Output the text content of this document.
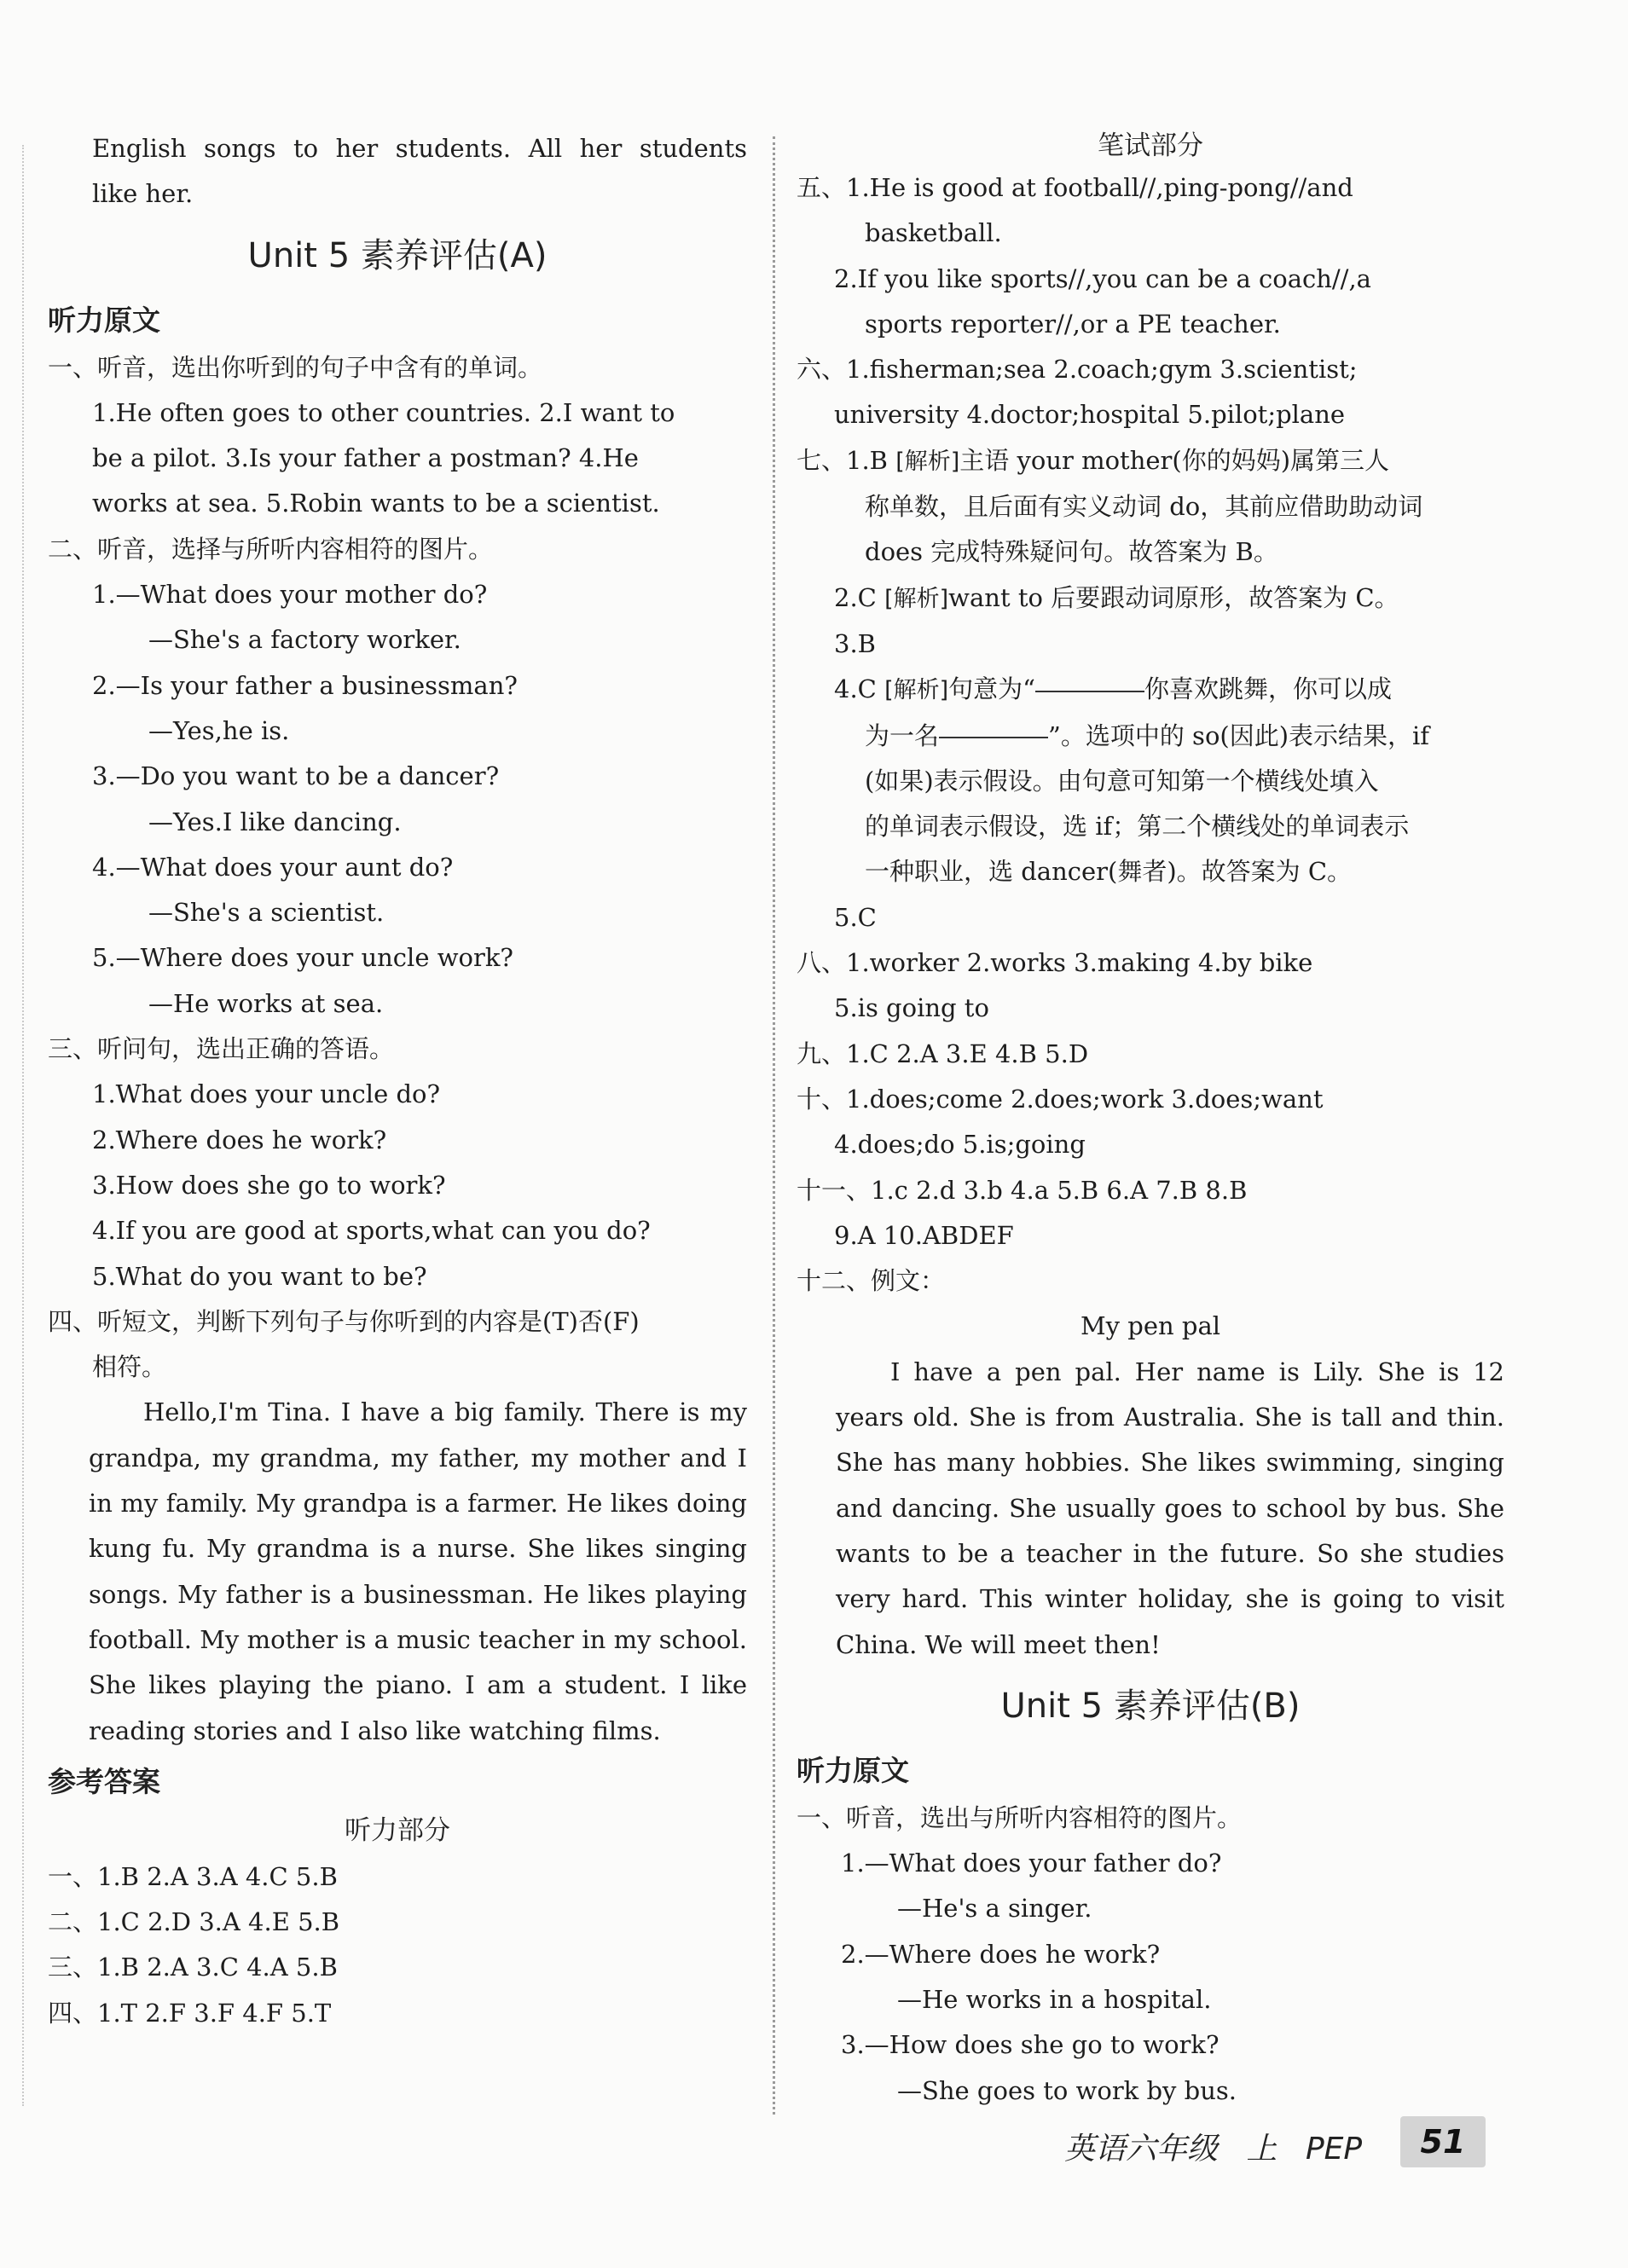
English songs to her students. All her students
like her.
Unit 5 素养评估(A)
听力原文
一、听音，选出你听到的句子中含有的单词。
1.He often goes to other countries. 2.I want to
be a pilot. 3.Is your father a postman? 4.He
works at sea. 5.Robin wants to be a scientist.
二、听音，选择与所听内容相符的图片。
1.—What does your mother do?
—She's a factory worker.
2.—Is your father a businessman?
—Yes,he is.
3.—Do you want to be a dancer?
—Yes.I like dancing.
4.—What does your aunt do?
—She's a scientist.
5.—Where does your uncle work?
—He works at sea.
三、听问句，选出正确的答语。
1.What does your uncle do?
2.Where does he work?
3.How does she go to work?
4.If you are good at sports,what can you do?
5.What do you want to be?
四、听短文，判断下列句子与你听到的内容是(T)否(F)
相符。
Hello,I'm Tina. I have a big family. There is my grandpa, my grandma, my father, my mother and I in my family. My grandpa is a farmer. He likes doing kung fu. My grandma is a nurse. She likes singing songs. My father is a businessman. He likes playing football. My mother is a music teacher in my school. She likes playing the piano. I am a student. I like reading stories and I also like watching films.
参考答案
听力部分
一、1.B 2.A 3.A 4.C 5.B
二、1.C 2.D 3.A 4.E 5.B
三、1.B 2.A 3.C 4.A 5.B
四、1.T 2.F 3.F 4.F 5.T
笔试部分
五、1.He is good at football//,ping-pong//and
basketball.
2.If you like sports//,you can be a coach//,a
sports reporter//,or a PE teacher.
六、1.fisherman;sea 2.coach;gym 3.scientist;
university 4.doctor;hospital 5.pilot;plane
七、1.B [解析]主语 your mother(你的妈妈)属第三人
称单数，且后面有实义动词 do，其前应借助助动词
does 完成特殊疑问句。故答案为 B。
2.C [解析]want to 后要跟动词原形，故答案为 C。
3.B
4.C [解析]句意为“	你喜欢跳舞，你可以成
为一名	”。选项中的 so(因此)表示结果，if
(如果)表示假设。由句意可知第一个横线处填入
的单词表示假设，选 if；第二个横线处的单词表示
一种职业，选 dancer(舞者)。故答案为 C。
5.C
八、1.worker 2.works 3.making 4.by bike
5.is going to
九、1.C 2.A 3.E 4.B 5.D
十、1.does;come 2.does;work 3.does;want
4.does;do 5.is;going
十一、1.c 2.d 3.b 4.a 5.B 6.A 7.B 8.B
9.A 10.ABDEF
十二、例文：
My pen pal
I have a pen pal. Her name is Lily. She is 12 years old. She is from Australia. She is tall and thin. She has many hobbies. She likes swimming, singing and dancing. She usually goes to school by bus. She wants to be a teacher in the future. So she studies very hard. This winter holiday, she is going to visit China. We will meet then!
Unit 5 素养评估(B)
听力原文
一、听音，选出与所听内容相符的图片。
1.—What does your father do?
—He's a singer.
2.—Where does he work?
—He works in a hospital.
3.—How does she go to work?
—She goes to work by bus.
英语六年级 上 PEP	51
